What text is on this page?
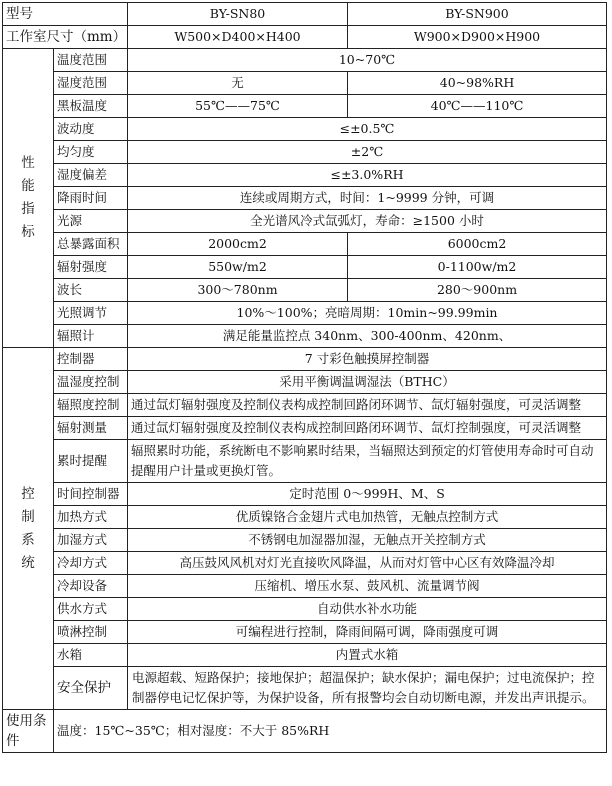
型号		BY-SN80	BY-SN900
工作室尺寸（mm）		W500×D400×H400	W900×D900×H900

性
能
指
标	温度范围	10~70℃	
	湿度范围	无	40~98%RH
	黑板温度	55℃——75℃	40℃——110℃
	波动度	≤±0.5℃	
	均匀度	±2℃	
	湿度偏差	≤±3.0%RH	
	降雨时间	连续或周期方式，时间：1~9999 分钟，可调	
	光源	全光谱风冷式氙弧灯，寿命：≥1500 小时	
	总暴露面积	2000cm2	6000cm2
	辐射强度	550w/m2	0-1100w/m2
	波长	300～780nm	280～900nm
	光照调节	10%～100%；亮暗周期：10min~99.99min	
	辐照计	满足能量监控点 340nm、300-400nm、420nm、	

控
制
系
统	控制器	7 寸彩色触摸屏控制器	
	温湿度控制	采用平衡调温调湿法（BTHC）	
	辐照度控制	通过氙灯辐射强度及控制仪表构成控制回路闭环调节、氙灯辐射强度，可灵活调整	
	辐射测量	通过氙灯辐射强度及控制仪表构成控制回路闭环调节、氙灯控制强度，可灵活调整	
	累时提醒	辐照累时功能，系统断电不影响累时结果，当辐照达到预定的灯管使用寿命时可自动提醒用户计量或更换灯管。	
	时间控制器	定时范围 0～999H、M、S	
	加热方式	优质镍铬合金翅片式电加热管，无触点控制方式	
	加湿方式	不锈钢电加湿器加湿，无触点开关控制方式	
	冷却方式	高压鼓风风机对灯光直接吹风降温，从而对灯管中心区有效降温冷却	
	冷却设备	压缩机、增压水泵、鼓风机、流量调节阀	
	供水方式	自动供水补水功能	
	喷淋控制	可编程进行控制，降雨间隔可调，降雨强度可调	
	水箱	内置式水箱	
	安全保护	电源超载、短路保护；接地保护；超温保护；缺水保护；漏电保护；过电流保护；控制器停电记忆保护等，为保护设备，所有报警均会自动切断电源，并发出声讯提示。	
使用条件	温度：15℃~35℃；相对湿度：不大于 85%RH		
